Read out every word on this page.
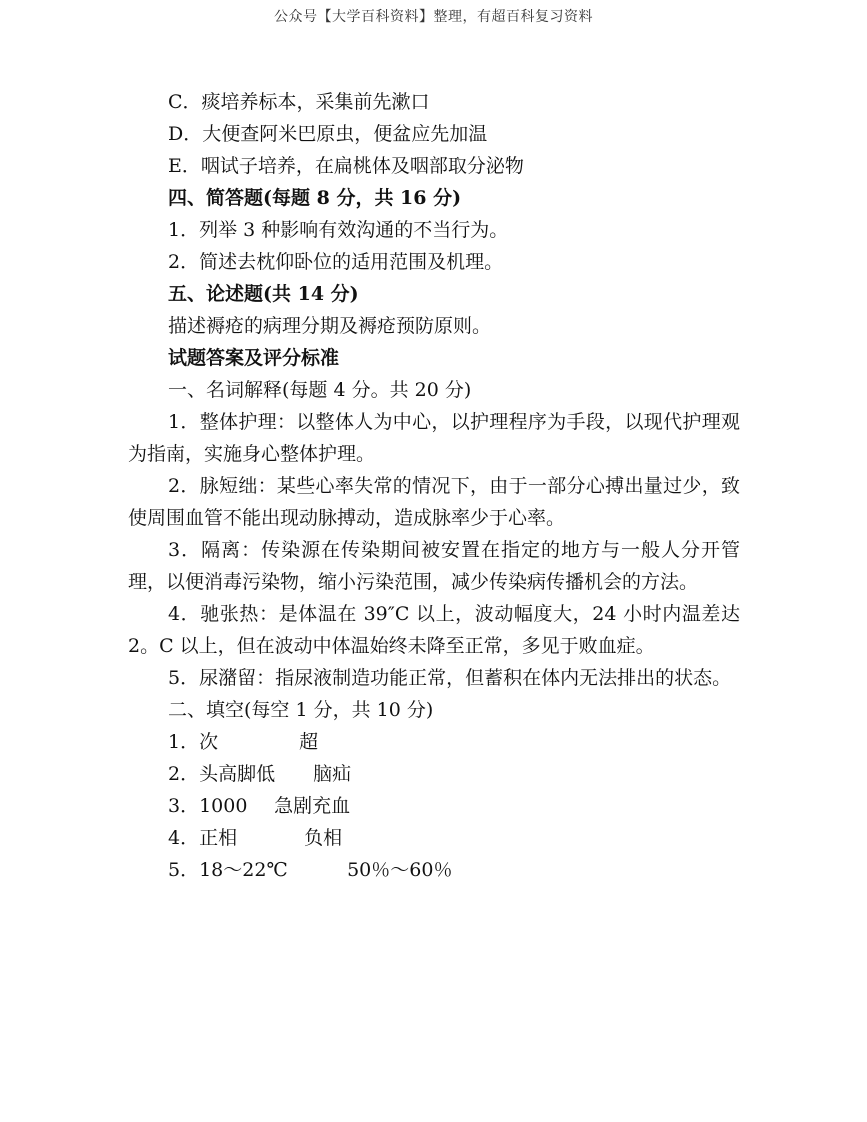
公众号【大学百科资料】整理，有超百科复习资料

C．痰培养标本，采集前先漱口

D．大便查阿米巴原虫，便盆应先加温

E．咽试子培养，在扁桃体及咽部取分泌物

四、简答题(每题 8 分，共 16 分)

1．列举 3 种影响有效沟通的不当行为。

2．简述去枕仰卧位的适用范围及机理。

五、论述题(共 14 分)

描述褥疮的病理分期及褥疮预防原则。

试题答案及评分标准

一、名词解释(每题 4 分。共 20 分)

1．整体护理：以整体人为中心，以护理程序为手段，以现代护理观为指南，实施身心整体护理。

2．脉短绌：某些心率失常的情况下，由于一部分心搏出量过少，致使周围血管不能出现动脉搏动，造成脉率少于心率。

3．隔离：传染源在传染期间被安置在指定的地方与一般人分开管理，以便消毒污染物，缩小污染范围，减少传染病传播机会的方法。

4．驰张热：是体温在 39″C 以上，波动幅度大，24 小时内温差达 2。C 以上，但在波动中体温始终未降至正常，多见于败血症。

5．尿潴留：指尿液制造功能正常，但蓄积在体内无法排出的状态。

二、填空(每空 1 分，共 10 分)

1．次	超

2．头高脚低 脑疝

3．1000 急剧充血

4．正相	负相

5．18～22℃	50％～60％
